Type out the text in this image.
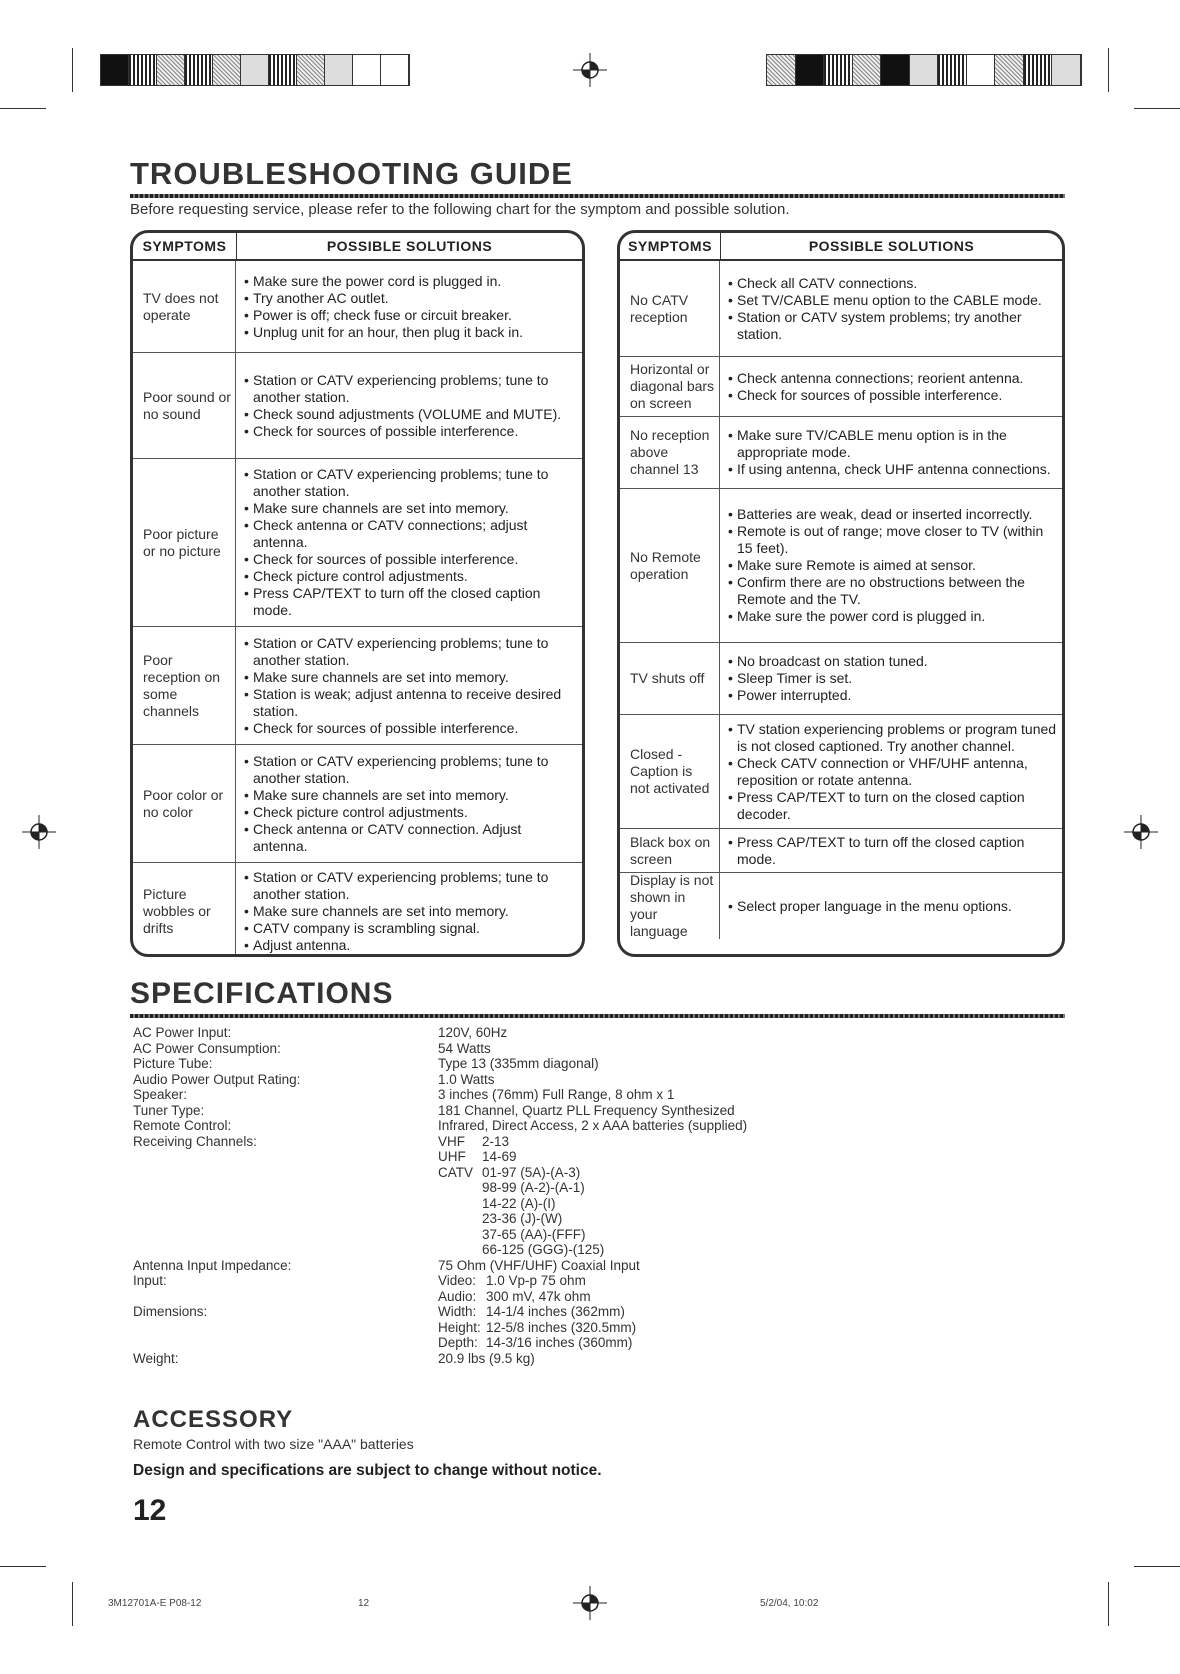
TROUBLESHOOTING GUIDE
Before requesting service, please refer to the following chart for the symptom and possible solution.
SYMPTOMS	POSSIBLE SOLUTIONS
TV does not operate
• Make sure the power cord is plugged in.
• Try another AC outlet.
• Power is off; check fuse or circuit breaker.
• Unplug unit for an hour, then plug it back in.
Poor sound or no sound
• Station or CATV experiencing problems; tune to another station.
• Check sound adjustments (VOLUME and MUTE).
• Check for sources of possible interference.
Poor picture or no picture
• Station or CATV experiencing problems; tune to another station.
• Make sure channels are set into memory.
• Check antenna or CATV connections; adjust antenna.
• Check for sources of possible interference.
• Check picture control adjustments.
• Press CAP/TEXT to turn off the closed caption mode.
Poor reception on some channels
• Station or CATV experiencing problems; tune to another station.
• Make sure channels are set into memory.
• Station is weak; adjust antenna to receive desired station.
• Check for sources of possible interference.
Poor color or no color
• Station or CATV experiencing problems; tune to another station.
• Make sure channels are set into memory.
• Check picture control adjustments.
• Check antenna or CATV connection. Adjust antenna.
Picture wobbles or drifts
• Station or CATV experiencing problems; tune to another station.
• Make sure channels are set into memory.
• CATV company is scrambling signal.
• Adjust antenna.
SYMPTOMS	POSSIBLE SOLUTIONS
No CATV reception
• Check all CATV connections.
• Set TV/CABLE menu option to the CABLE mode.
• Station or CATV system problems; try another station.
Horizontal or diagonal bars on screen
• Check antenna connections; reorient antenna.
• Check for sources of possible interference.
No reception above channel 13
• Make sure TV/CABLE menu option is in the appropriate mode.
• If using antenna, check UHF antenna connections.
No Remote operation
• Batteries are weak, dead or inserted incorrectly.
• Remote is out of range; move closer to TV (within 15 feet).
• Make sure Remote is aimed at sensor.
• Confirm there are no obstructions between the Remote and the TV.
• Make sure the power cord is plugged in.
TV shuts off
• No broadcast on station tuned.
• Sleep Timer is set.
• Power interrupted.
Closed - Caption is not activated
• TV station experiencing problems or program tuned is not closed captioned. Try another channel.
• Check CATV connection or VHF/UHF antenna, reposition or rotate antenna.
• Press CAP/TEXT to turn on the closed caption decoder.
Black box on screen
• Press CAP/TEXT to turn off the closed caption mode.
Display is not shown in your language
• Select proper language in the menu options.
SPECIFICATIONS
AC Power Input:	120V, 60Hz
AC Power Consumption:	54 Watts
Picture Tube:	Type 13 (335mm diagonal)
Audio Power Output Rating:	1.0 Watts
Speaker:	3 inches (76mm) Full Range, 8 ohm x 1
Tuner Type:	181 Channel, Quartz PLL Frequency Synthesized
Remote Control:	Infrared, Direct Access, 2 x AAA batteries (supplied)
Receiving Channels:	VHF	2-13
UHF	14-69
CATV 01-97 (5A)-(A-3)
98-99 (A-2)-(A-1)
14-22 (A)-(I)
23-36 (J)-(W)
37-65 (AA)-(FFF)
66-125 (GGG)-(125)
Antenna Input Impedance:	75 Ohm (VHF/UHF) Coaxial Input
Input:	Video: 1.0 Vp-p 75 ohm
Audio: 300 mV, 47k ohm
Dimensions:	Width: 14-1/4 inches (362mm)
Height: 12-5/8 inches (320.5mm)
Depth: 14-3/16 inches (360mm)
Weight:	20.9 lbs (9.5 kg)
ACCESSORY
Remote Control with two size "AAA" batteries
Design and specifications are subject to change without notice.
12
3M12701A-E P08-12	12	5/2/04, 10:02
